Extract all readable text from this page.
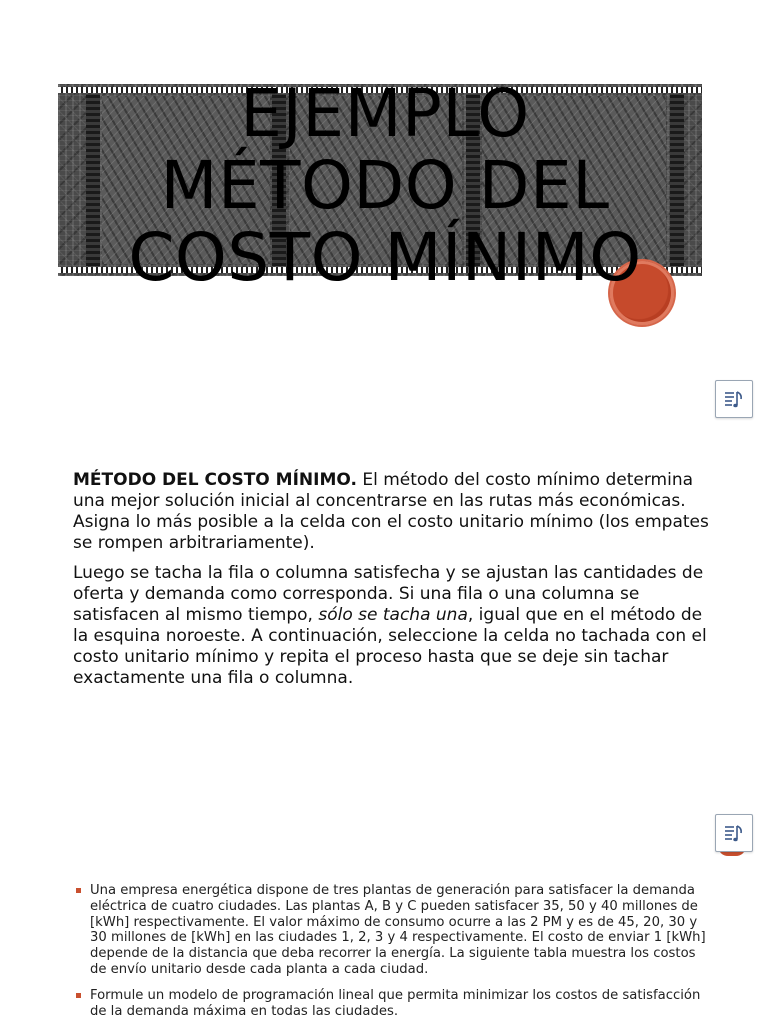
EJEMPLO
MÉTODO DEL
COSTO MÍNIMO

MÉTODO DEL COSTO MÍNIMO. El método del costo mínimo determina una mejor solución inicial al concentrarse en las rutas más económicas. Asigna lo más posible a la celda con el costo unitario mínimo (los empates se rompen arbitrariamente).

Luego se tacha la fila o columna satisfecha y se ajustan las cantidades de oferta y demanda como corresponda. Si una fila o una columna se satisfacen al mismo tiempo, sólo se tacha una, igual que en el método de la esquina noroeste. A continuación, seleccione la celda no tachada con el costo unitario mínimo y repita el proceso hasta que se deje sin tachar exactamente una fila o columna.

Una empresa energética dispone de tres plantas de generación para satisfacer la demanda eléctrica de cuatro ciudades. Las plantas A, B y C pueden satisfacer 35, 50 y 40 millones de [kWh] respectivamente. El valor máximo de consumo ocurre a las 2 PM y es de 45, 20, 30 y 30 millones de [kWh] en las ciudades 1, 2, 3 y 4 respectivamente. El costo de enviar 1 [kWh] depende de la distancia que deba recorrer la energía. La siguiente tabla muestra los costos de envío unitario desde cada planta a cada ciudad.
Formule un modelo de programación lineal que permita minimizar los costos de satisfacción de la demanda máxima en todas las ciudades.
